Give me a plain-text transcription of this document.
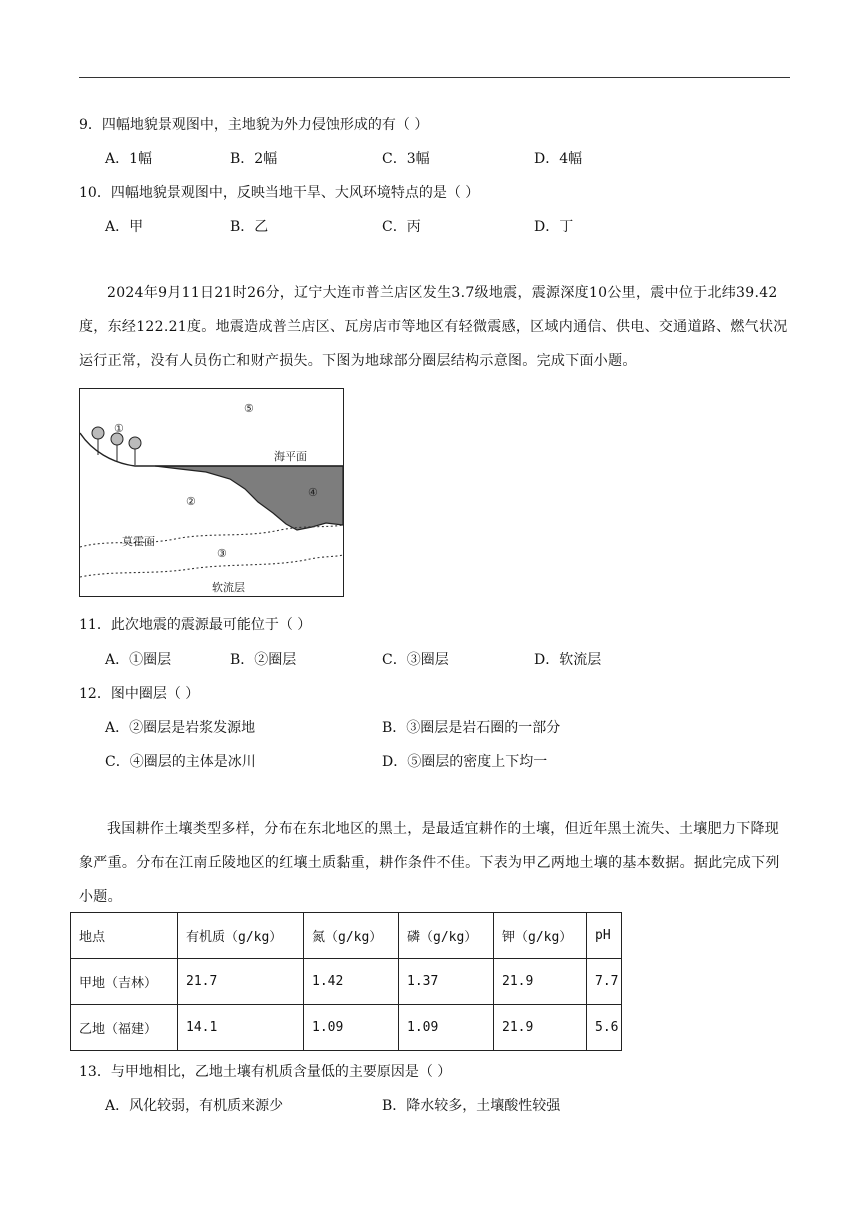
9．四幅地貌景观图中，主地貌为外力侵蚀形成的有（ ）
A．1幅	B．2幅	C．3幅	D．4幅
10．四幅地貌景观图中，反映当地干旱、大风环境特点的是（ ）
A．甲	B．乙	C．丙	D．丁
2024年9月11日21时26分，辽宁大连市普兰店区发生3.7级地震，震源深度10公里，震中位于北纬39.42度，东经122.21度。地震造成普兰店区、瓦房店市等地区有轻微震感，区域内通信、供电、交通道路、燃气状况运行正常，没有人员伤亡和财产损失。下图为地球部分圈层结构示意图。完成下面小题。
①
⑤
海平面
②
④
莫霍面
③
软流层
11．此次地震的震源最可能位于（ ）
A．①圈层	B．②圈层	C．③圈层	D．软流层
12．图中圈层（ ）
A．②圈层是岩浆发源地	B．③圈层是岩石圈的一部分
C．④圈层的主体是冰川	D．⑤圈层的密度上下均一
我国耕作土壤类型多样，分布在东北地区的黑土，是最适宜耕作的土壤，但近年黑土流失、土壤肥力下降现象严重。分布在江南丘陵地区的红壤土质黏重，耕作条件不佳。下表为甲乙两地土壤的基本数据。据此完成下列小题。
地点	有机质（g/kg）	氮（g/kg）	磷（g/kg）	钾（g/kg）	pH
甲地（吉林）	21.7	1.42	1.37	21.9	7.7
乙地（福建）	14.1	1.09	1.09	21.9	5.6
13．与甲地相比，乙地土壤有机质含量低的主要原因是（ ）
A．风化较弱，有机质来源少	B．降水较多，土壤酸性较强
